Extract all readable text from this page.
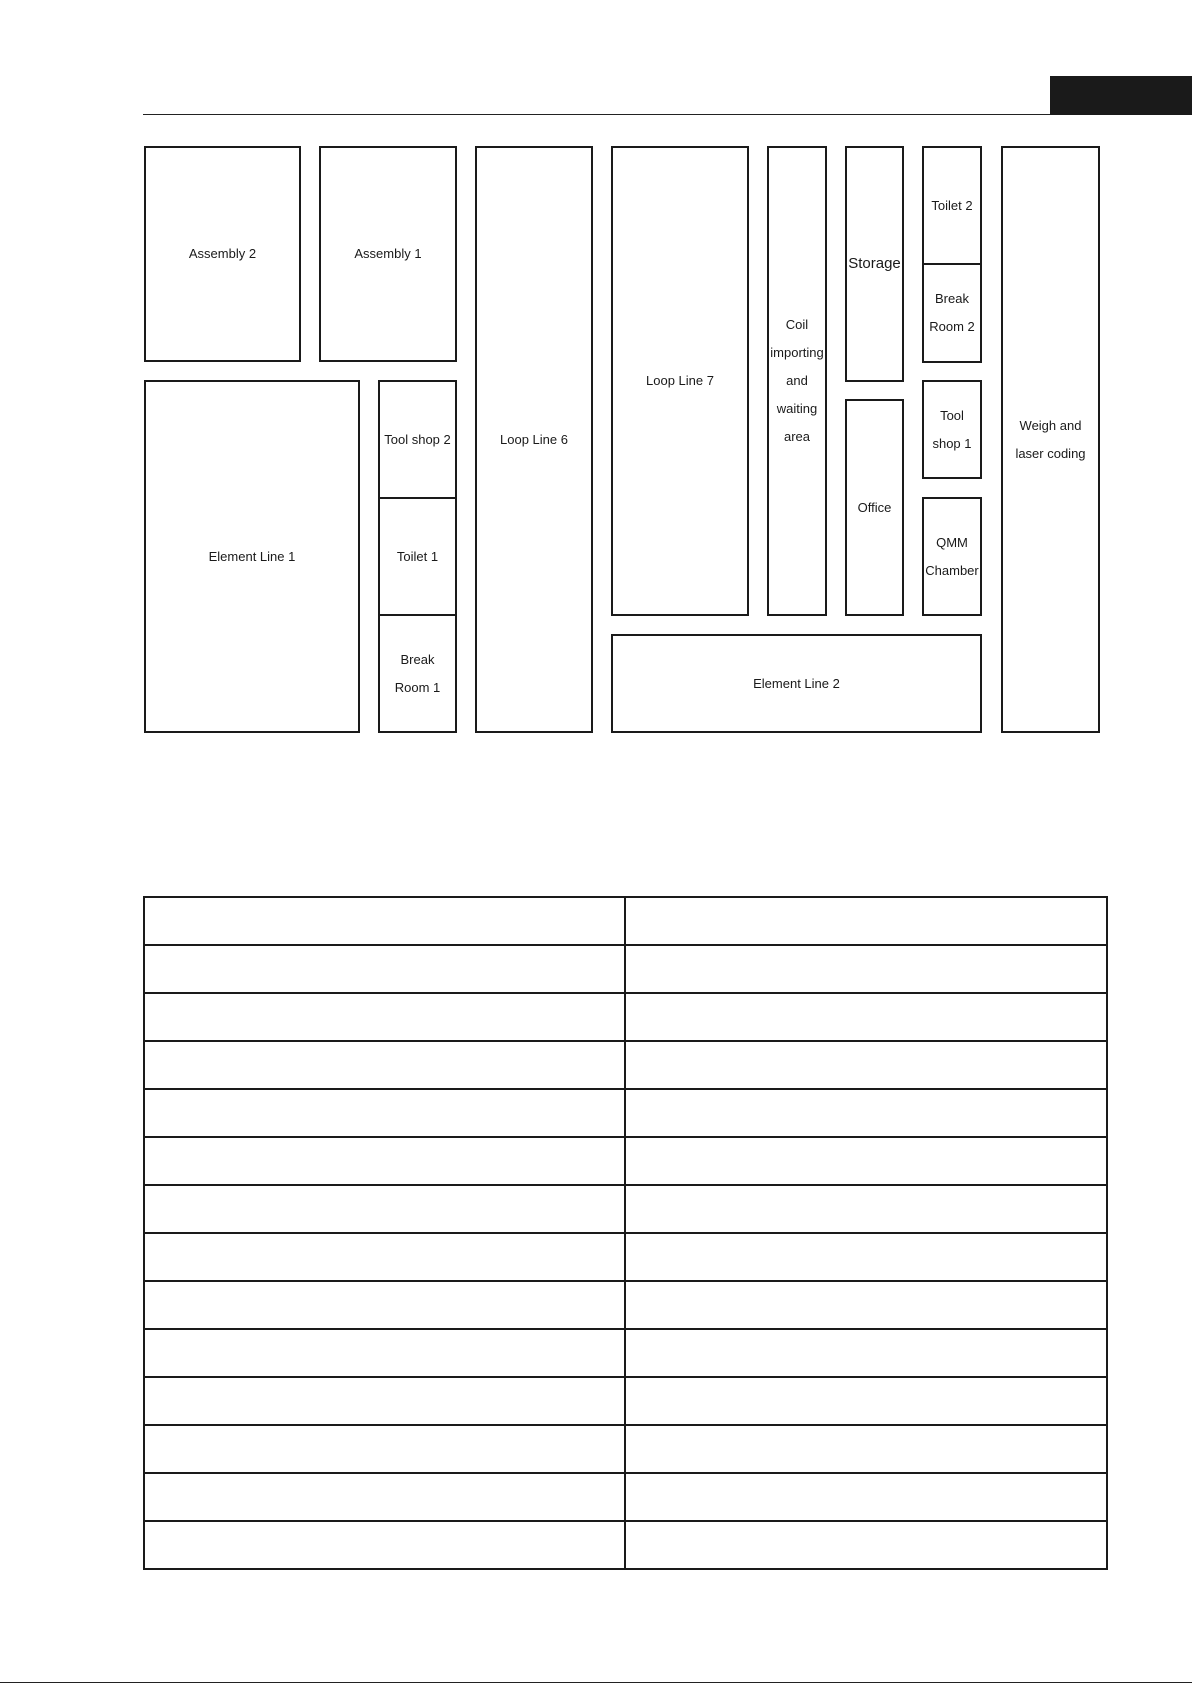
Assembly 2	Assembly 1
Loop Line 6
Loop Line 7
Coil
importing
and
waiting
area
Storage
Toilet 2
Break
Room 2
Weigh and
laser coding
Element Line 1
Tool shop 2
Toilet 1
Break
Room 1
Office
Tool
shop 1
QMM
Chamber
Element Line 2
